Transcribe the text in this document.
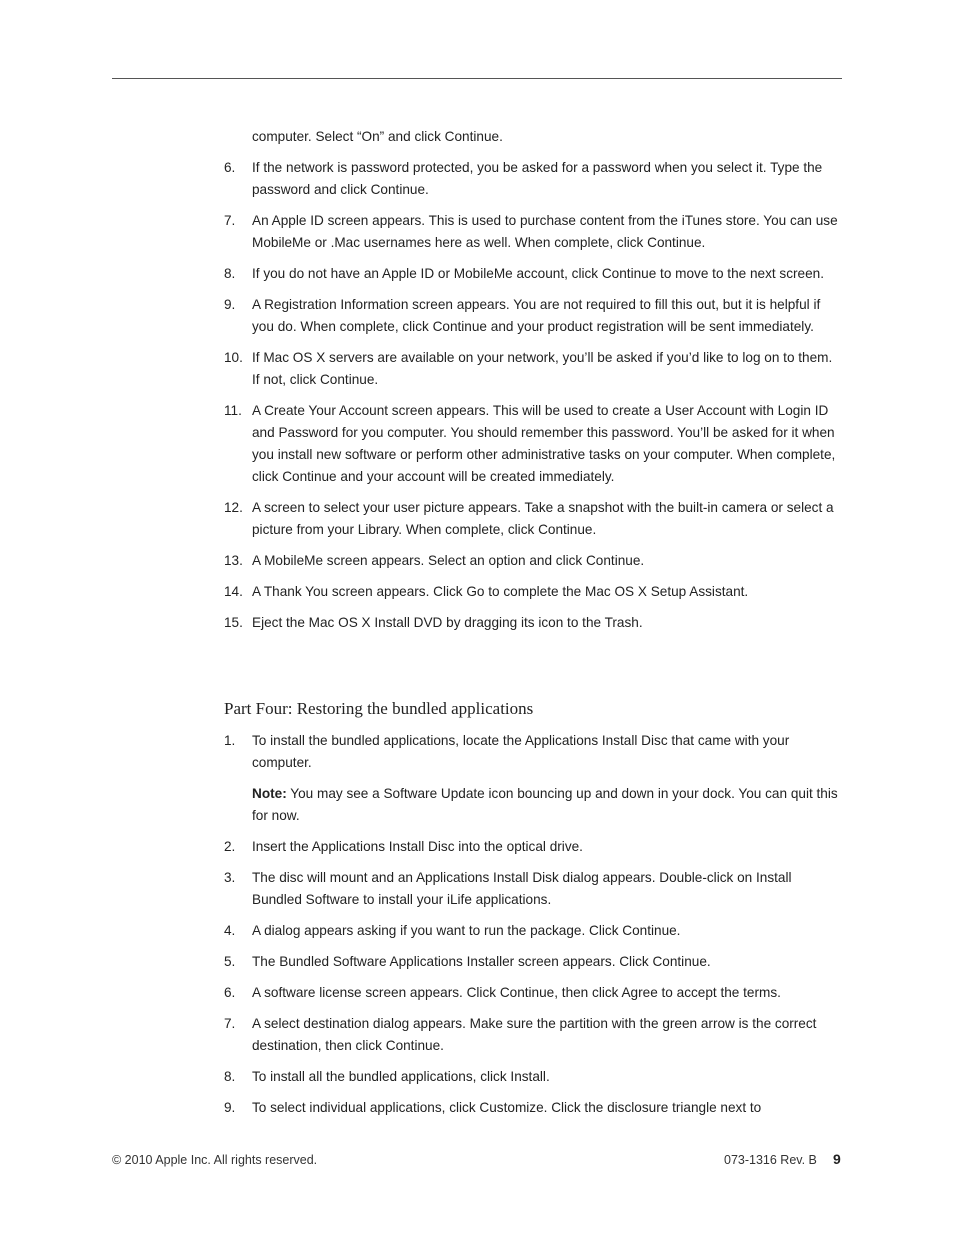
computer. Select “On” and click Continue.
6. If the network is password protected, you be asked for a password when you select it. Type the password and click Continue.
7. An Apple ID screen appears. This is used to purchase content from the iTunes store. You can use MobileMe or .Mac usernames here as well. When complete, click Continue.
8. If you do not have an Apple ID or MobileMe account, click Continue to move to the next screen.
9. A Registration Information screen appears. You are not required to fill this out, but it is helpful if you do. When complete, click Continue and your product registration will be sent immediately.
10. If Mac OS X servers are available on your network, you’ll be asked if you’d like to log on to them. If not, click Continue.
11. A Create Your Account screen appears. This will be used to create a User Account with Login ID and Password for you computer. You should remember this password. You’ll be asked for it when you install new software or perform other administrative tasks on your computer. When complete, click Continue and your account will be created immediately.
12. A screen to select your user picture appears. Take a snapshot with the built-in camera or select a picture from your Library. When complete, click Continue.
13. A MobileMe screen appears. Select an option and click Continue.
14. A Thank You screen appears. Click Go to complete the Mac OS X Setup Assistant.
15. Eject the Mac OS X Install DVD by dragging its icon to the Trash.
Part Four: Restoring the bundled applications
1. To install the bundled applications, locate the Applications Install Disc that came with your computer.
Note: You may see a Software Update icon bouncing up and down in your dock. You can quit this for now.
2. Insert the Applications Install Disc into the optical drive.
3. The disc will mount and an Applications Install Disk dialog appears. Double-click on Install Bundled Software to install your iLife applications.
4. A dialog appears asking if you want to run the package. Click Continue.
5. The Bundled Software Applications Installer screen appears. Click Continue.
6. A software license screen appears. Click Continue, then click Agree to accept the terms.
7. A select destination dialog appears. Make sure the partition with the green arrow is the correct destination, then click Continue.
8. To install all the bundled applications, click Install.
9. To select individual applications, click Customize. Click the disclosure triangle next to
© 2010 Apple Inc. All rights reserved.	073-1316 Rev. B 9
